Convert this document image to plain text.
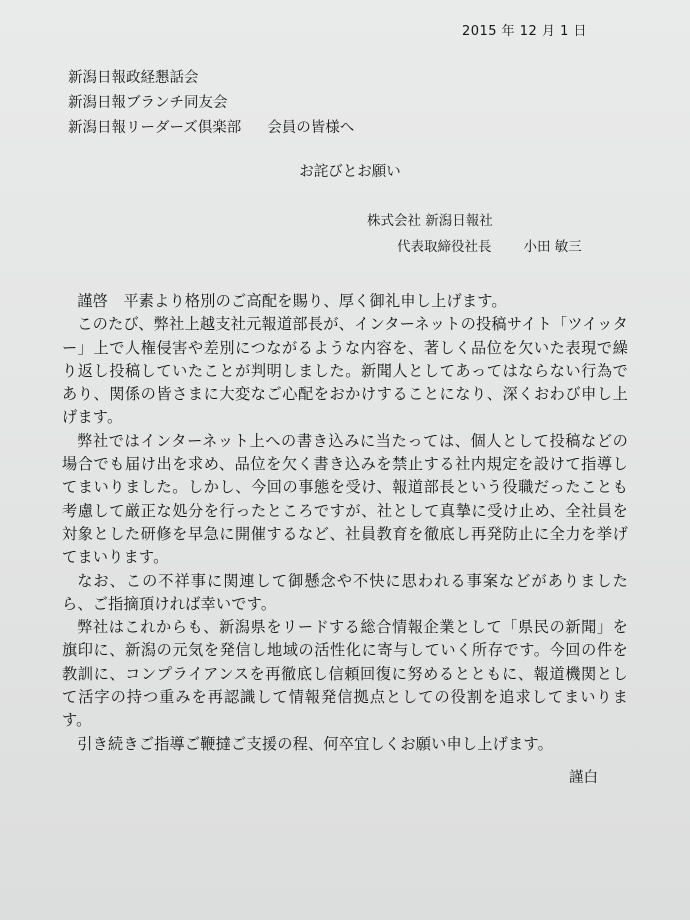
2015 年 12 月 1 日
新潟日報政経懇話会
新潟日報ブランチ同友会
新潟日報リーダーズ倶楽部 会員の皆様へ
お詫びとお願い
株式会社 新潟日報社
代表取締役社長 小田 敏三

謹啓　平素より格別のご高配を賜り、厚く御礼申し上げます。

このたび、弊社上越支社元報道部長が、インターネットの投稿サイト「ツイッター」上で人権侵害や差別につながるような内容を、著しく品位を欠いた表現で繰り返し投稿していたことが判明しました。新聞人としてあってはならない行為であり、関係の皆さまに大変なご心配をおかけすることになり、深くおわび申し上げます。

弊社ではインターネット上への書き込みに当たっては、個人として投稿などの場合でも届け出を求め、品位を欠く書き込みを禁止する社内規定を設けて指導してまいりました。しかし、今回の事態を受け、報道部長という役職だったことも考慮して厳正な処分を行ったところですが、社として真摯に受け止め、全社員を対象とした研修を早急に開催するなど、社員教育を徹底し再発防止に全力を挙げてまいります。

なお、この不祥事に関連して御懸念や不快に思われる事案などがありましたら、ご指摘頂ければ幸いです。

弊社はこれからも、新潟県をリードする総合情報企業として「県民の新聞」を旗印に、新潟の元気を発信し地域の活性化に寄与していく所存です。今回の件を教訓に、コンプライアンスを再徹底し信頼回復に努めるとともに、報道機関として活字の持つ重みを再認識して情報発信拠点としての役割を追求してまいります。

引き続きご指導ご鞭撻ご支援の程、何卒宜しくお願い申し上げます。

謹白
